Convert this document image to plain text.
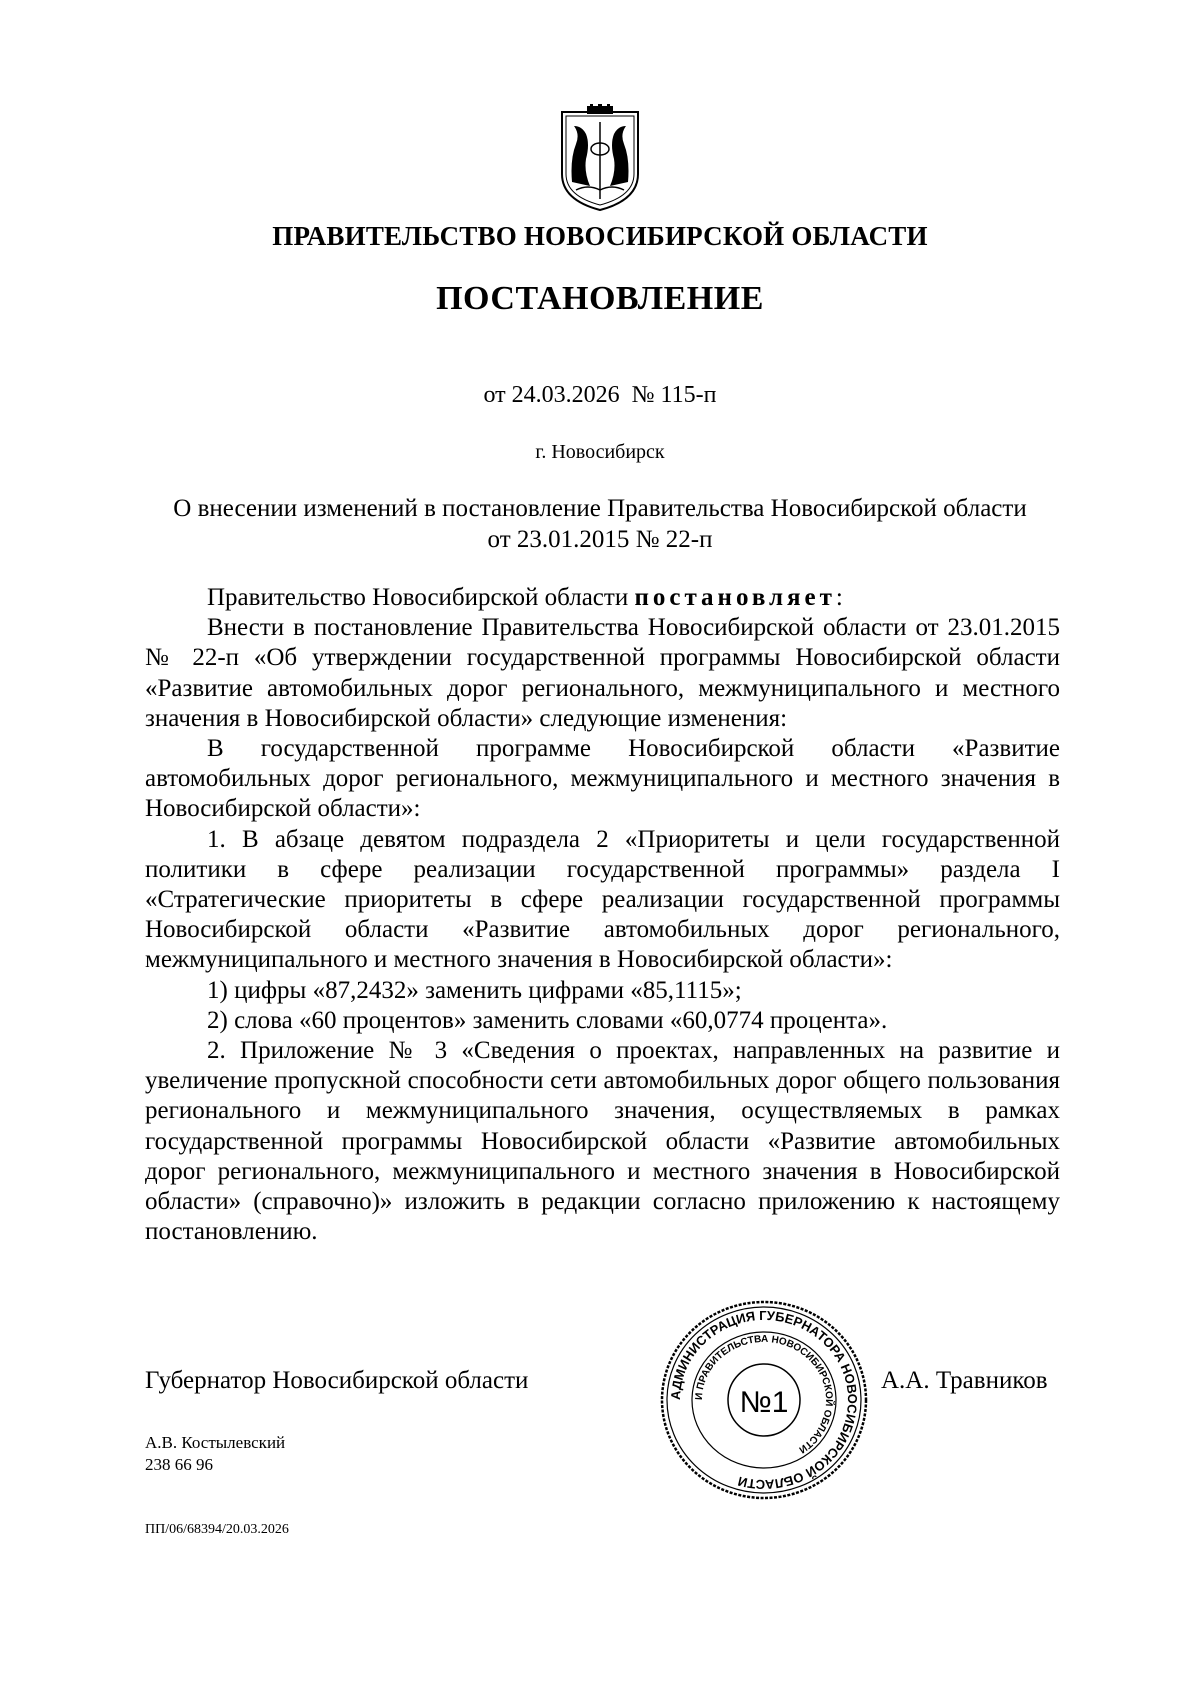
ПРАВИТЕЛЬСТВО НОВОСИБИРСКОЙ ОБЛАСТИ
ПОСТАНОВЛЕНИЕ
от 24.03.2026  № 115-п
г. Новосибирск
О внесении изменений в постановление Правительства Новосибирской области
от 23.01.2015 № 22-п

Правительство Новосибирской области постановляет:

Внести в постановление Правительства Новосибирской области от 23.01.2015 № 22-п «Об утверждении государственной программы Новосибирской области «Развитие автомобильных дорог регионального, межмуниципального и местного значения в Новосибирской области» следующие изменения:

В государственной программе Новосибирской области «Развитие автомобильных дорог регионального, межмуниципального и местного значения в Новосибирской области»:

1. В абзаце девятом подраздела 2 «Приоритеты и цели государственной политики в сфере реализации государственной программы» раздела I «Стратегические приоритеты в сфере реализации государственной программы Новосибирской области «Развитие автомобильных дорог регионального, межмуниципального и местного значения в Новосибирской области»:

1) цифры «87,2432» заменить цифрами «85,1115»;

2) слова «60 процентов» заменить словами «60,0774 процента».

2. Приложение № 3 «Сведения о проектах, направленных на развитие и увеличение пропускной способности сети автомобильных дорог общего пользования регионального и межмуниципального значения, осуществляемых в рамках государственной программы Новосибирской области «Развитие автомобильных дорог регионального, межмуниципального и местного значения в Новосибирской области» (справочно)» изложить в редакции согласно приложению к настоящему постановлению.

Губернатор Новосибирской области
АДМИНИСТРАЦИЯ ГУБЕРНАТОРА НОВОСИБИРСКОЙ ОБЛАСТИ
И ПРАВИТЕЛЬСТВА НОВОСИБИРСКОЙ ОБЛАСТИ
№1
А.А. Травников
А.В. Костылевский
238 66 96
ПП/06/68394/20.03.2026
